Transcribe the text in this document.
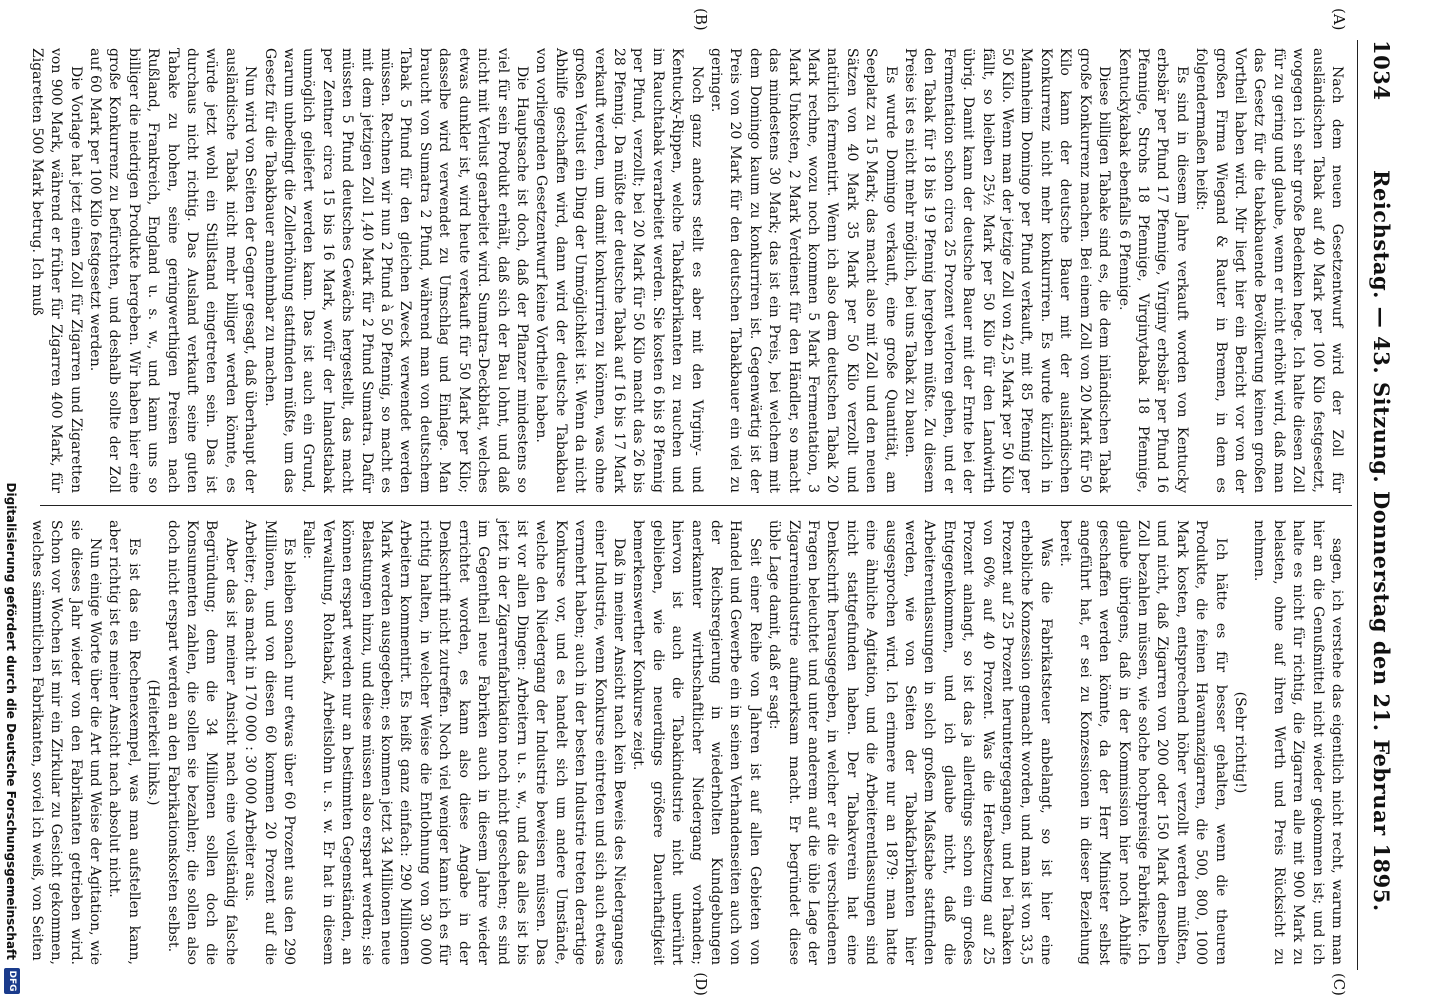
1034
Reichstag. — 43. Sitzung. Donnerstag den 21. Februar 1895.
(A)
(B)
(C)
(D)

Nach dem neuen Gesetzentwurf wird der Zoll für ausländischen Tabak auf 40 Mark per 100 Kilo festgesetzt, wogegen ich sehr große Bedenken hege. Ich halte diesen Zoll für zu gering und glaube, wenn er nicht erhöht wird, daß man das Gesetz für die tabakbauende Bevölkerung keinen großen Vortheil haben wird. Mir liegt hier ein Bericht vor von der großen Firma Wiegand & Rauter in Bremen, in dem es folgendermaßen heißt:

Es sind in diesem Jahre verkauft worden von Kentucky erbsbär per Pfund 17 Pfennige, Virginy erbsbär per Pfund 16 Pfennige, Strohs 18 Pfennige, Virginytabak 18 Pfennige, Kentuckykabak ebenfalls 6 Pfennige.

Diese billigen Tabake sind es, die dem inländischen Tabak große Konkurrenz machen. Bei einem Zoll von 20 Mark für 50 Kilo kann der deutsche Bauer mit der ausländischen Konkurrenz nicht mehr konkurriren. Es wurde kürzlich in Mannheim Domingo per Pfund verkauft, mit 85 Pfennig per 50 Kilo. Wenn man der jetzige Zoll von 42,5 Mark per 50 Kilo fällt, so bleiben 25½ Mark per 50 Kilo für den Landwirth übrig. Damit kann der deutsche Bauer mit der Ernte bei der Fermentation schon circa 25 Prozent verloren gehen, und er den Tabak für 18 bis 19 Pfennig hergeben müßte. Zu diesem Preise ist es nicht mehr möglich, bei uns Tabak zu bauen.

Es wurde Domingo verkauft, eine große Quantität, am Seeplatz zu 15 Mark; das macht also mit Zoll und den neuen Sätzen von 40 Mark 35 Mark per 50 Kilo verzollt und natürlich fermentirt. Wenn ich also dem deutschen Tabak 20 Mark rechne, wozu noch kommen 5 Mark Fermentation, 3 Mark Unkosten, 2 Mark Verdienst für den Händler, so macht das mindestens 30 Mark; das ist ein Preis, bei welchem mit dem Domingo kaum zu konkurriren ist. Gegenwärtig ist der Preis von 20 Mark für den deutschen Tabakbauer ein viel zu geringer.

Noch ganz anders stellt es aber mit den Virginy- und Kentucky-Rippen, welche Tabakfabrikanten zu rauchen und im Rauchtabak verarbeitet werden. Sie kosten 6 bis 8 Pfennig per Pfund, verzollt; bei 20 Mark für 50 Kilo macht das 26 bis 28 Pfennig. Da müßte der deutsche Tabak auf 16 bis 17 Mark verkauft werden, um damit konkurriren zu können, was ohne großen Verlust ein Ding der Unmöglichkeit ist. Wenn da nicht Abhilfe geschaffen wird, dann wird der deutsche Tabakbau von vorliegenden Gesetzentwurf keine Vortheile haben.

Die Hauptsache ist doch, daß der Pflanzer mindestens so viel für sein Produkt erhält, daß sich der Bau lohnt, und daß nicht mit Verlust gearbeitet wird. Sumatra-Deckblatt, welches etwas dunkler ist, wird heute verkauft für 50 Mark per Kilo; dasselbe wird verwendet zu Umschlag und Einlage. Man braucht von Sumatra 2 Pfund, während man von deutschem Tabak 5 Pfund für den gleichen Zweck verwendet werden müssen. Rechnen wir nun 2 Pfund à 50 Pfennig, so macht es mit dem jetzigen Zoll 1,40 Mark für 2 Pfund Sumatra. Dafür müssten 5 Pfund deutsches Gewächs hergestellt, das macht per Zentner circa 15 bis 16 Mark, wofür der Inlandstabak unmöglich geliefert werden kann. Das ist auch ein Grund, warum unbedingt die Zollerhöhung stattfinden müßte, um das Gesetz für die Tabakbauer annehmbar zu machen.

Nun wird von Seiten der Gegner gesagt, daß überhaupt der ausländische Tabak nicht mehr billiger werden könnte, es würde jetzt wohl ein Stillstand eingetreten sein. Das ist durchaus nicht richtig. Das Ausland verkauft seine guten Tabake zu hohen, seine geringwerthigen Preisen nach Rußland, Frankreich, England u. s. w., und kann uns so billiger die niedrigen Produkte hergeben. Wir haben hier eine große Konkurrenz zu befürchten, und deshalb sollte der Zoll auf 60 Mark per 100 Kilo festgesetzt werden.

Die Vorlage hat jetzt einen Zoll für Zigarren und Zigaretten von 900 Mark, während er früher für Zigarren 400 Mark, für Zigaretten 500 Mark betrug. Ich muß

sagen, ich verstehe das eigentlich nicht recht, warum man hier an die Genußmittel nicht wieder gekommen ist; und ich halte es nicht für richtig, die Zigarren alle mit 900 Mark zu belasten, ohne auf ihren Werth und Preis Rücksicht zu nehmen.

(Sehr richtig!)

Ich hätte es für besser gehalten, wenn die theuren Produkte, die feinen Havannazigarren, die 500, 800, 1000 Mark kosten, entsprechend höher verzollt werden müßten, und nicht, daß Zigarren von 200 oder 150 Mark denselben Zoll bezahlen müssen, wie solche hochpreisige Fabrikate. Ich glaube übrigens, daß in der Kommission hier noch Abhilfe geschaffen werden könnte, da der Herr Minister selbst angeführt hat, er sei zu Konzessionen in dieser Beziehung bereit.

Was die Fabrikatsteuer anbelangt, so ist hier eine erhebliche Konzession gemacht worden, und man ist von 33,5 Prozent auf 25 Prozent heruntergegangen, und bei Tabaken von 60% auf 40 Prozent. Was die Herabsetzung auf 25 Prozent anlangt, so ist das ja allerdings schon ein großes Entgegenkommen, und ich glaube nicht, daß die Arbeiterentlassungen in solch großem Maßstabe stattfinden werden, wie von Seiten der Tabakfabrikanten hier ausgesprochen wird. Ich erinnere nur an 1879: man hatte eine ähnliche Agitation, und die Arbeiterentlassungen sind nicht stattgefunden haben. Der Tabakverein hat eine Denkschrift herausgegeben, in welcher er die verschiedenen Fragen beleuchtet und unter anderem auf die üble Lage der Zigarrenindustrie aufmerksam macht. Er begründet diese üble Lage damit, daß er sagt:

Seit einer Reihe von Jahren ist auf allen Gebieten von Handel und Gewerbe ein in seinen Verhandenseiten auch von der Reichsregierung in wiederholten Kundgebungen anerkannter wirthschaftlicher Niedergang vorhanden; hiervon ist auch die Tabakindustrie nicht unberührt geblieben, wie die neuerdings größere Dauerhaftigkeit bemerkenswerther Konkurse zeigt.

Daß in meiner Ansicht nach kein Beweis des Niederganges einer Industrie, wenn Konkurse eintreten und sich auch etwas vermehrt haben; auch in der besten Industrie treten derartige Konkurse vor, und es handelt sich um andere Umstände, welche den Niedergang der Industrie beweisen müssen. Das ist vor allen Dingen: Arbeitern u. s. w., und das alles ist bis jetzt in der Zigarrenfabrikation noch nicht geschehen; es sind im Gegentheil neue Fabriken auch in diesem Jahre wieder errichtet worden, es kann also diese Angabe in der Denkschrift nicht zutreffen. Noch viel weniger kann ich es für richtig halten, in welcher Weise die Entlohnung von 30 000 Arbeitern kommentirt. Es heißt ganz einfach: 290 Millionen Mark werden ausgegeben; es kommen jetzt 34 Millionen neue Belastungen hinzu, und diese müssen also erspart werden; sie können erspart werden nur an bestimmten Gegenständen, an Verwaltung, Rohtabak, Arbeitslohn u. s. w. Er hat in diesem Falle:

Es bleiben sonach nur etwas über 60 Prozent aus den 290 Millionen, und von diesen 60 kommen 20 Prozent auf die Arbeiter; das macht in 170 000 : 30 000 Arbeiter aus.

Aber das ist meiner Ansicht nach eine vollständig falsche Begründung; denn die 34 Millionen sollen doch die Konsumenten zahlen, die sollen sie bezahlen; die sollen also doch nicht erspart werden an den Fabrikationskosten selbst.

(Heiterkeit links.)

Es ist das ein Rechenexempel, was man aufstellen kann, aber richtig ist es meiner Ansicht nach absolut nicht.

Nun einige Worte über die Art und Weise der Agitation, wie sie dieses Jahr wieder von den Fabrikanten getrieben wird. Schon vor Wochen ist mir ein Zirkular zu Gesicht gekommen, welches sämmtlichen Fabrikanten, soviel ich weiß, von Seiten

Digitalisierung gefördert durch die Deutsche Forschungsgemeinschaft
DFG
